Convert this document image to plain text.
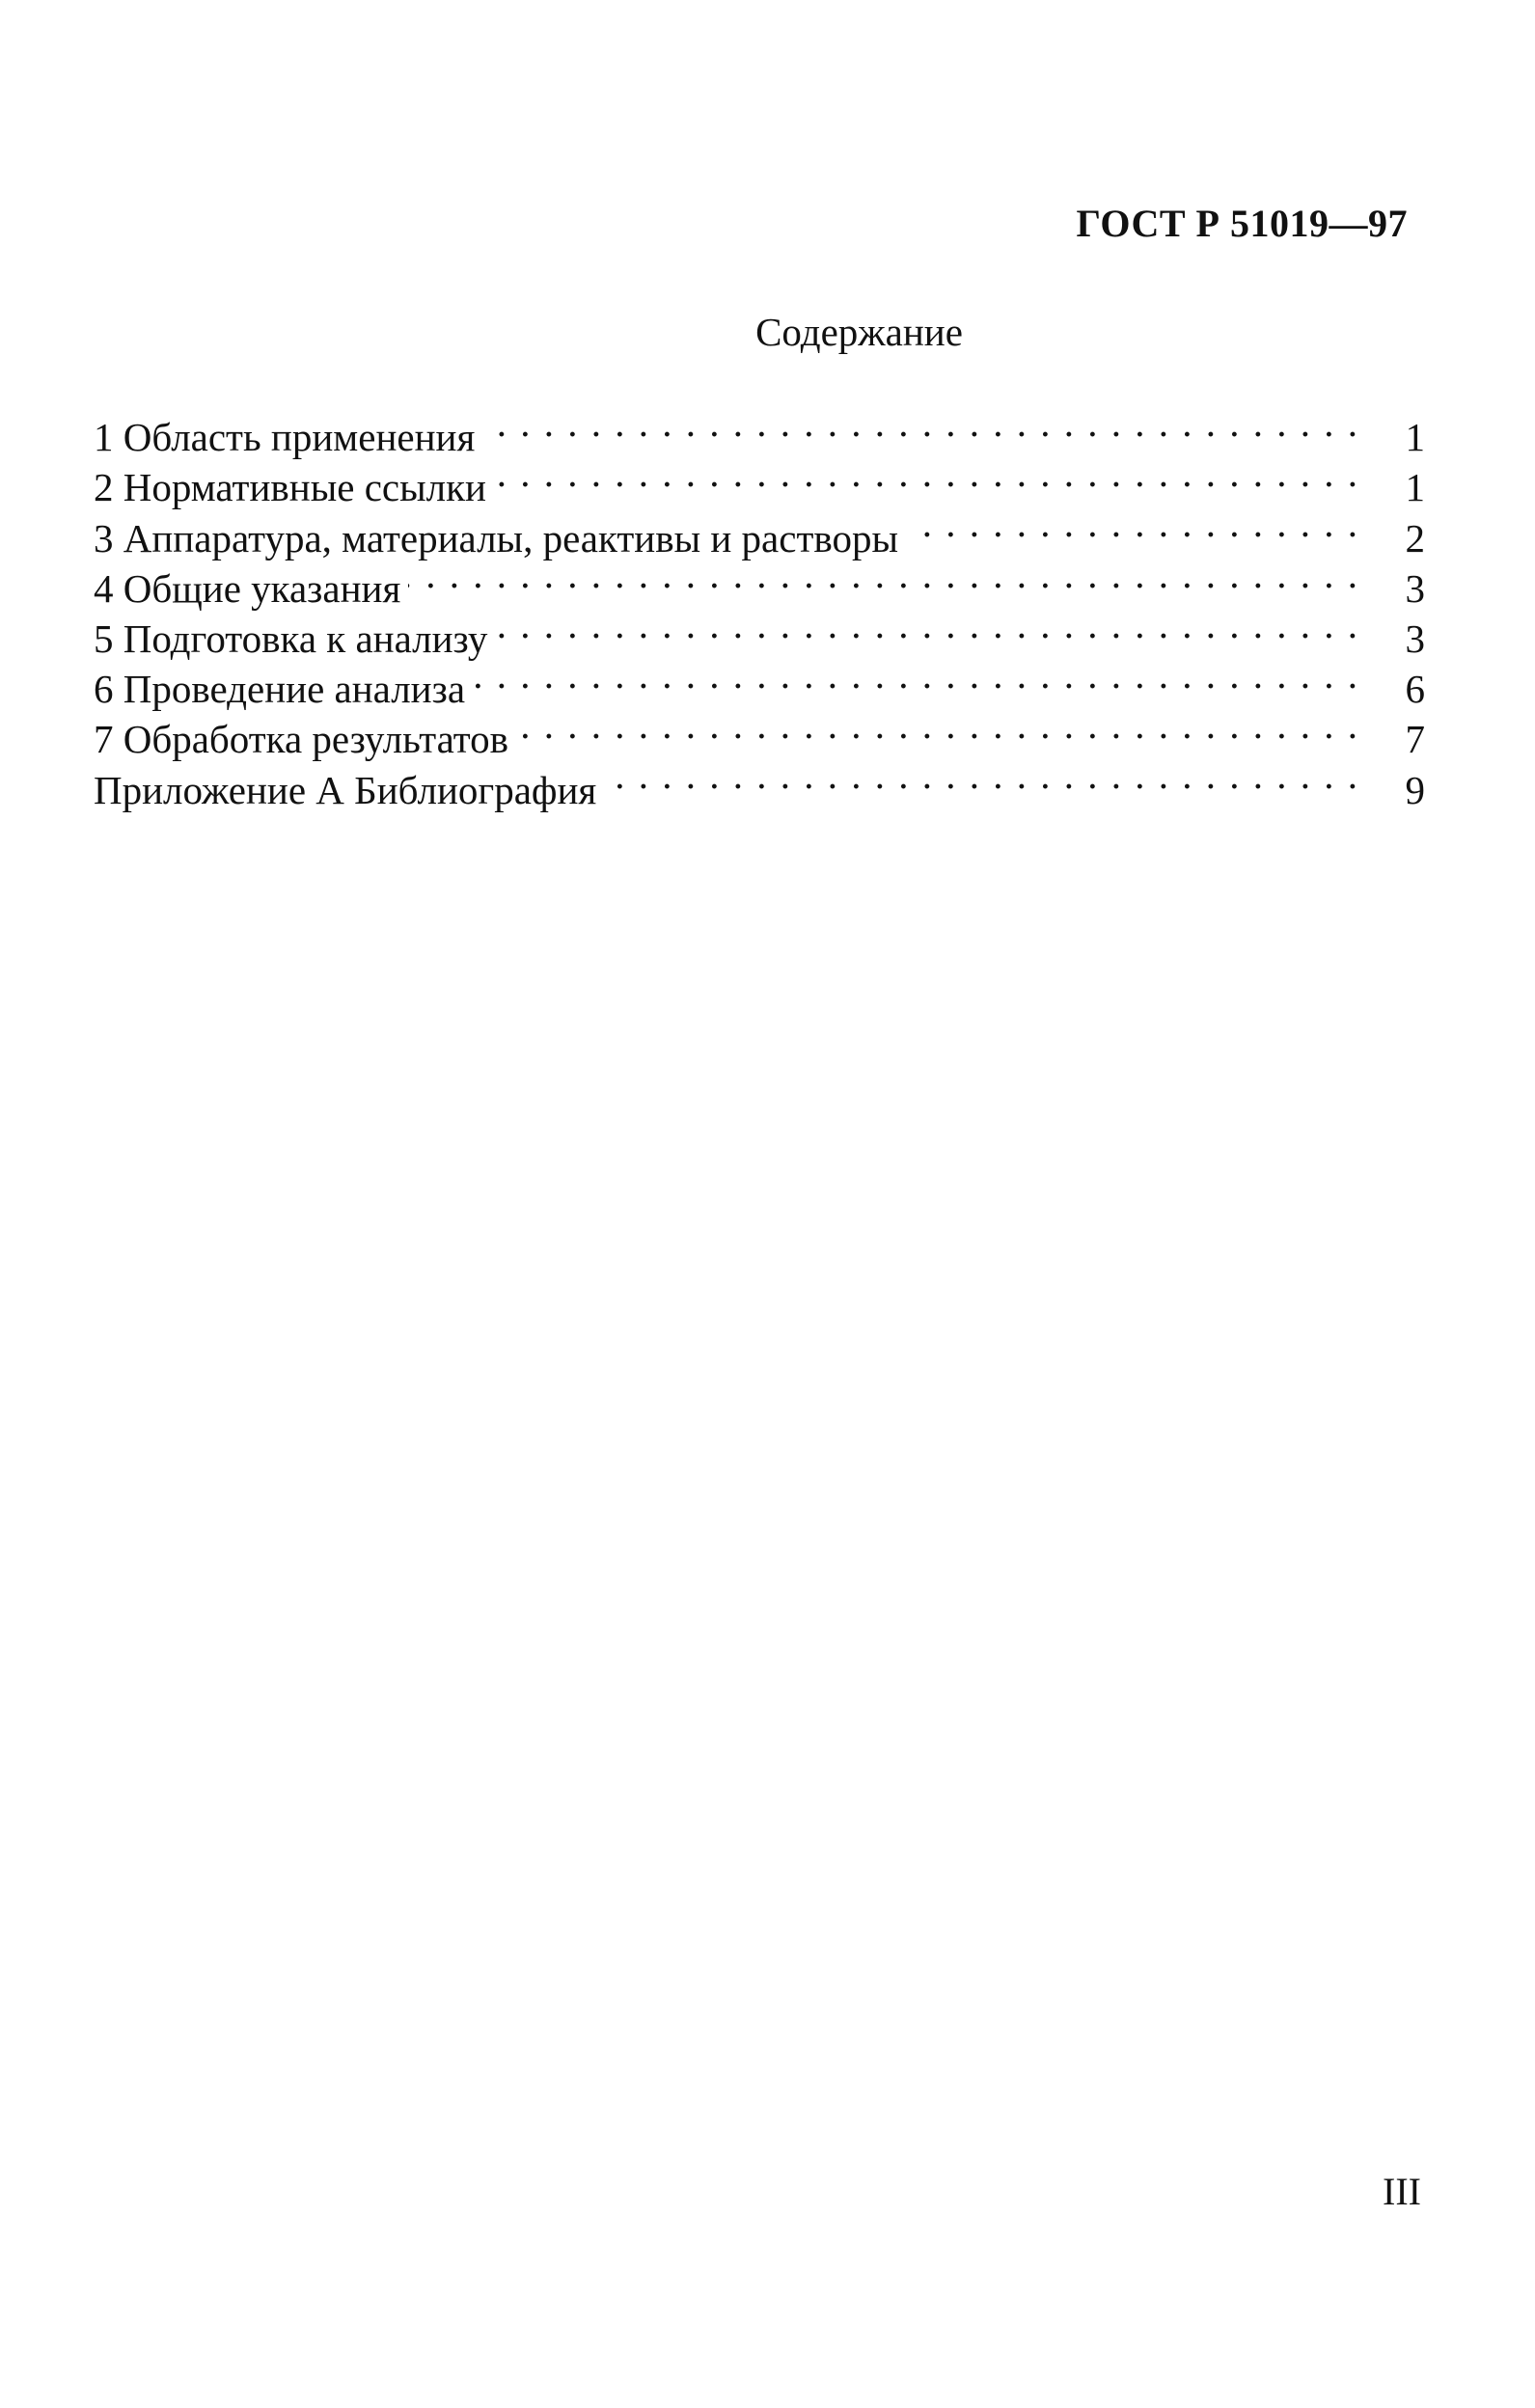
ГОСТ Р 51019—97
Содержание
1 Область применения . . .	1
2 Нормативные ссылки . . .	1
3 Аппаратура, материалы, реактивы и растворы . . .	2
4 Общие указания . . .	3
5 Подготовка к анализу . . .	3
6 Проведение анализа . . .	6
7 Обработка результатов . . .	7
Приложение А Библиография . . .	9
III
